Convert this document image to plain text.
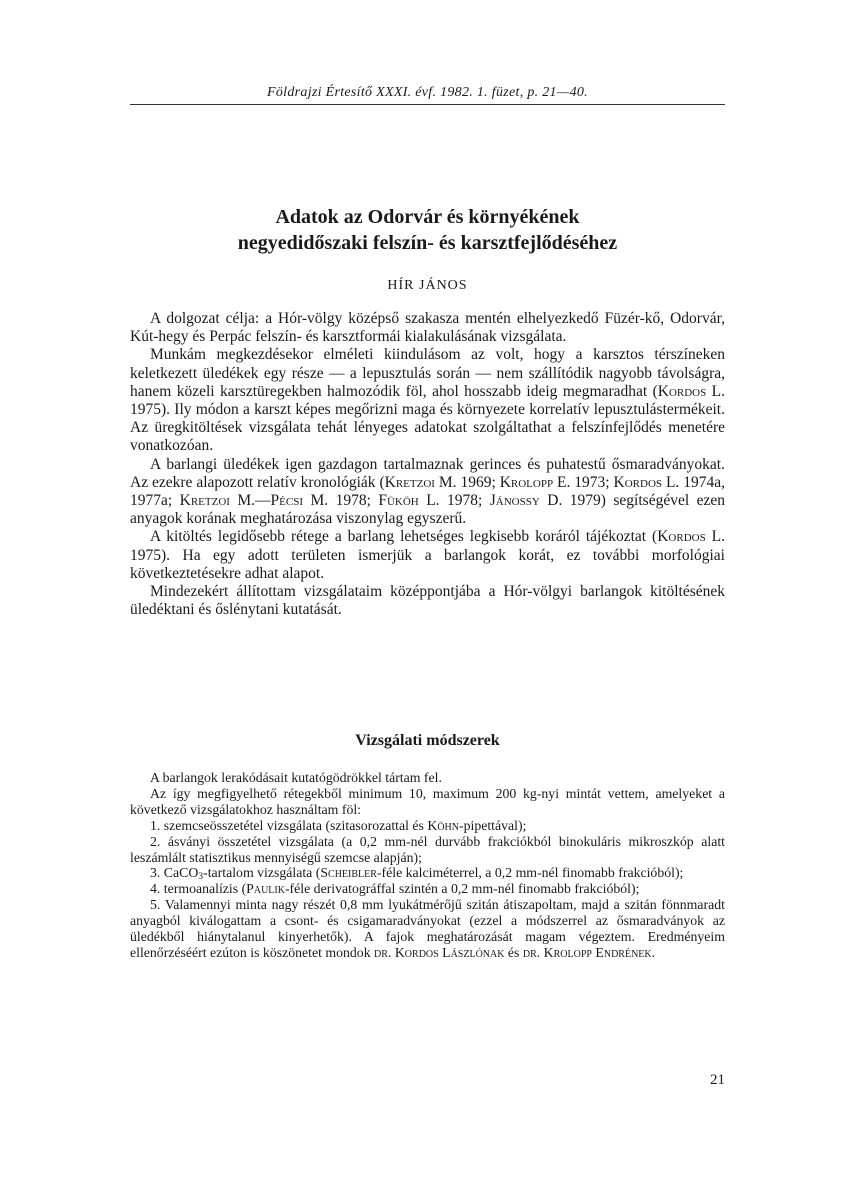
Földrajzi Értesítő XXXI. évf. 1982. 1. füzet, p. 21—40.
Adatok az Odorvár és környékének
negyedidőszaki felszín- és karsztfejlődéséhez
HÍR JÁNOS

A dolgozat célja: a Hór-völgy középső szakasza mentén elhelyezkedő Füzér-kő, Odorvár, Kút-hegy és Perpác felszín- és karsztformái kialakulásának vizsgálata.

Munkám megkezdésekor elméleti kiindulásom az volt, hogy a karsztos térszíneken keletkezett üledékek egy része — a lepusztulás során — nem szállítódik nagyobb távolságra, hanem közeli karsztüregekben halmozódik föl, ahol hosszabb ideig megmaradhat (Kordos L. 1975). Ily módon a karszt képes megőrizni maga és környezete korrelatív lepusztulástermékeit. Az üregkitöltések vizsgálata tehát lényeges adatokat szolgáltathat a felszínfejlődés menetére vonatkozóan.

A barlangi üledékek igen gazdagon tartalmaznak gerinces és puhatestű ősmaradványokat. Az ezekre alapozott relatív kronológiák (Kretzoi M. 1969; Krolopp E. 1973; Kordos L. 1974a, 1977a; Kretzoi M.—Pécsi M. 1978; Füköh L. 1978; Jánossy D. 1979) segítségével ezen anyagok korának meghatározása viszonylag egyszerű.

A kitöltés legidősebb rétege a barlang lehetséges legkisebb koráról tájékoztat (Kordos L. 1975). Ha egy adott területen ismerjük a barlangok korát, ez további morfológiai következtetésekre adhat alapot.

Mindezekért állítottam vizsgálataim középpontjába a Hór-völgyi barlangok kitöltésének üledéktani és őslénytani kutatását.

Vizsgálati módszerek

A barlangok lerakódásait kutatógödrökkel tártam fel.

Az így megfigyelhető rétegekből minimum 10, maximum 200 kg-nyi mintát vettem, amelyeket a következő vizsgálatokhoz használtam föl:

1. szemcseösszetétel vizsgálata (szitasorozattal és Köhn-pipettával);

2. ásványi összetétel vizsgálata (a 0,2 mm-nél durvább frakciókból binokuláris mikroszkóp alatt leszámlált statisztikus mennyiségű szemcse alapján);

3. CaCO$_3$-tartalom vizsgálata (Scheibler-féle kalciméterrel, a 0,2 mm-nél finomabb frakcióból);

4. termoanalízis (Paulik-féle derivatográffal szintén a 0,2 mm-nél finomabb frakcióból);

5. Valamennyi minta nagy részét 0,8 mm lyukátmérőjű szitán átiszapoltam, majd a szitán fönnmaradt anyagból kiválogattam a csont- és csigamaradványokat (ezzel a módszerrel az ősmaradványok az üledékből hiánytalanul kinyerhetők). A fajok meghatározását magam végeztem. Eredményeim ellenőrzéséért ezúton is köszönetet mondok dr. Kordos Lászlónak és dr. Krolopp Endrének.

21
